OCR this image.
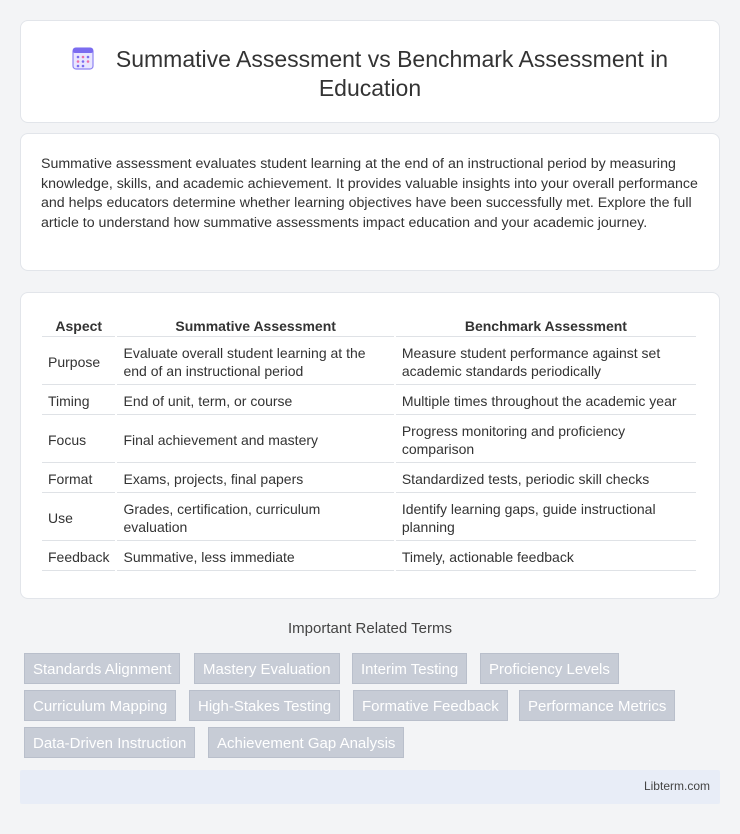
Summative Assessment vs Benchmark Assessment in
Education

Summative assessment evaluates student learning at the end of an instructional period by measuring knowledge, skills, and academic achievement. It provides valuable insights into your overall performance and helps educators determine whether learning objectives have been successfully met. Explore the full article to understand how summative assessments impact education and your academic journey.

Aspect	Summative Assessment	Benchmark Assessment
Purpose	Evaluate overall student learning at the end of an instructional period	Measure student performance against set academic standards periodically
Timing	End of unit, term, or course	Multiple times throughout the academic year
Focus	Final achievement and mastery	Progress monitoring and proficiency comparison
Format	Exams, projects, final papers	Standardized tests, periodic skill checks
Use	Grades, certification, curriculum evaluation	Identify learning gaps, guide instructional planning
Feedback	Summative, less immediate	Timely, actionable feedback
Important Related Terms
Standards Alignment	Mastery Evaluation	Interim Testing	Proficiency Levels
Curriculum Mapping	High-Stakes Testing	Formative Feedback	Performance Metrics
Data-Driven Instruction	Achievement Gap Analysis
Libterm.com
